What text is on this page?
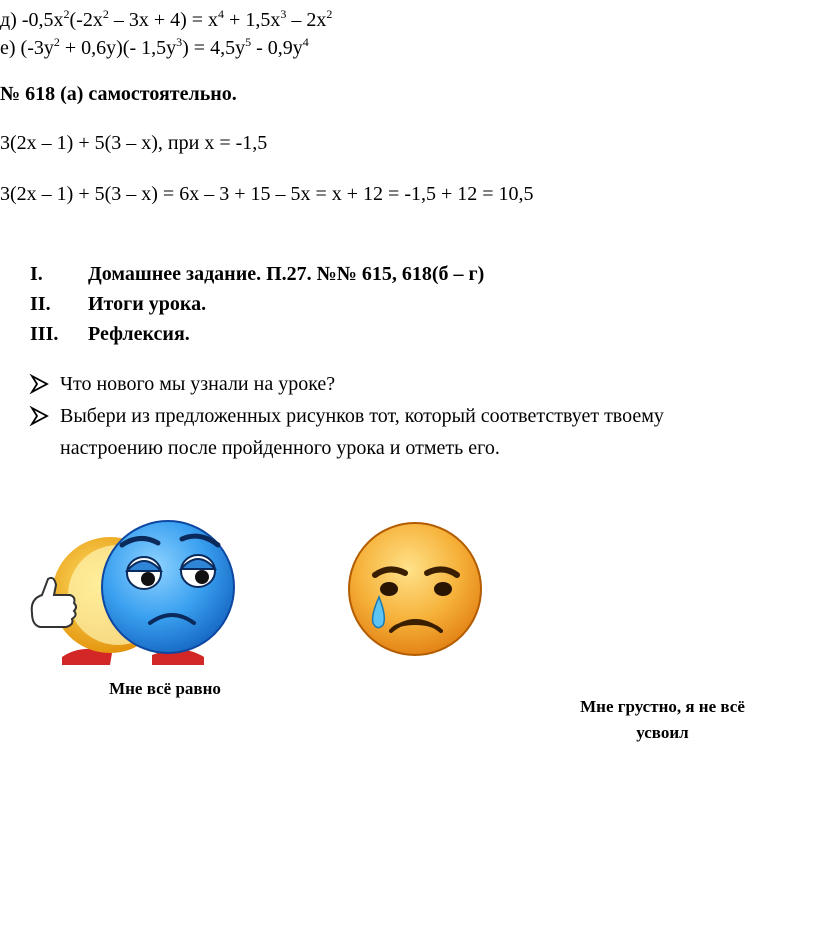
д) $-0,5х^2(-2х^2 - 3х + 4) = х^4 + 1,5х^3 - 2х^2$
е) $(-3у^2 + 0,6у)(-$ $1,5у^3) = 4,5у^5 - 0,9у^4$
№ 618 (а) самостоятельно.
3(2х – 1) + 5(3 – х), при х = -1,5
3(2х – 1) + 5(3 – х) = 6х – 3 + 15 – 5х = х + 12 = -1,5 + 12 = 10,5
I. Домашнее задание. П.27. №№ 615, 618(б – г)
II. Итоги урока.
III. Рефлексия.
Что нового мы узнали на уроке?
Выбери из предложенных рисунков тот, который соответствует твоему
настроению после пройденного урока и отметь его.
Мне всё равно
Мне грустно, я не всё
усвоил
